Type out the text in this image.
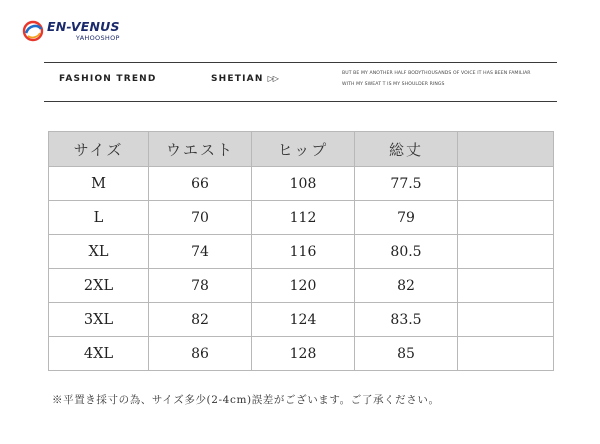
EN-VENUS
YAHOOSHOP
FASHION TREND	SHETIAN ▷▷
BUT BE MY ANOTHER HALF BODYTHOUSANDS OF VOICE IT HAS BEEN FAMILIAR
WITH MY SWEAT T IS MY SHOULDER RINGS
サイズ	ウエスト	ヒップ	総丈	
M	66	108	77.5	
L	70	112	79	
XL	74	116	80.5	
2XL	78	120	82	
3XL	82	124	83.5	
4XL	86	128	85	
※平置き採寸の為、サイズ多少(2-4cm)誤差がございます。ご了承ください。
